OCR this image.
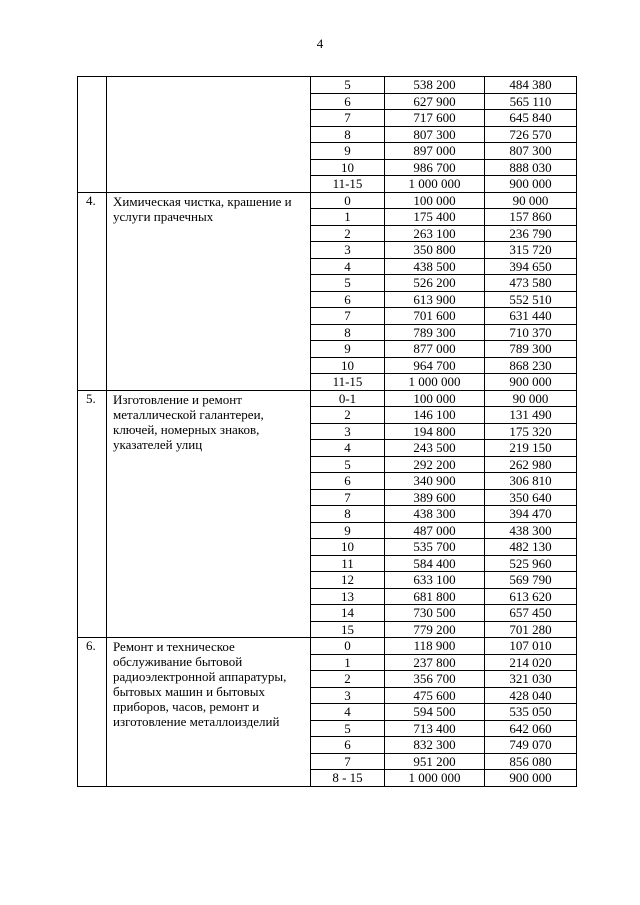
4
		5	538 200	484 380
		6	627 900	565 110
		7	717 600	645 840
		8	807 300	726 570
		9	897 000	807 300
		10	986 700	888 030
		11-15	1 000 000	900 000
4.	Химическая чистка, крашение и услуги прачечных	0	100 000	90 000
		1	175 400	157 860
		2	263 100	236 790
		3	350 800	315 720
		4	438 500	394 650
		5	526 200	473 580
		6	613 900	552 510
		7	701 600	631 440
		8	789 300	710 370
		9	877 000	789 300
		10	964 700	868 230
		11-15	1 000 000	900 000
5.	Изготовление и ремонт металлической галантереи, ключей, номерных знаков, указателей улиц	0-1	100 000	90 000
		2	146 100	131 490
		3	194 800	175 320
		4	243 500	219 150
		5	292 200	262 980
		6	340 900	306 810
		7	389 600	350 640
		8	438 300	394 470
		9	487 000	438 300
		10	535 700	482 130
		11	584 400	525 960
		12	633 100	569 790
		13	681 800	613 620
		14	730 500	657 450
		15	779 200	701 280
6.	Ремонт и техническое обслуживание бытовой радиоэлектронной аппаратуры, бытовых машин и бытовых приборов, часов, ремонт и изготовление металлоизделий	0	118 900	107 010
		1	237 800	214 020
		2	356 700	321 030
		3	475 600	428 040
		4	594 500	535 050
		5	713 400	642 060
		6	832 300	749 070
		7	951 200	856 080
		8 - 15	1 000 000	900 000
